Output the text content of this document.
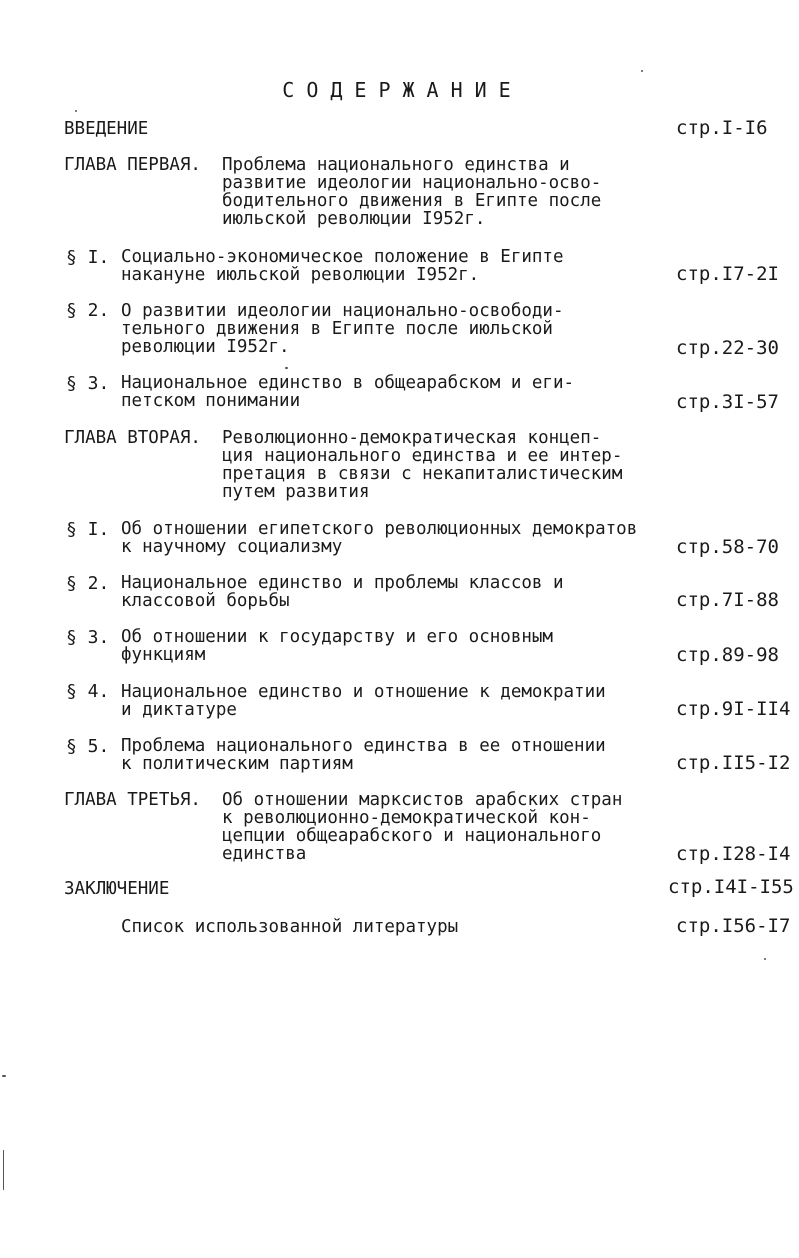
СОДЕРЖАНИЕ
ВВЕДЕНИЕ	стр.I-I6
ГЛАВА ПЕРВАЯ. Проблема национального единства и
развитие идеологии национально-осво-
бодительного движения в Египте после
июльской революции I952г.
§ I. Социально-экономическое положение в Египте
накануне июльской революции I952г.	стр.I7-2I
§ 2. О развитии идеологии национально-освободи-
тельного движения в Египте после июльской
революции I952г.	стр.22-30
§ 3. Национальное единство в общеарабском и еги-
петском понимании	стр.3I-57
ГЛАВА ВТОРАЯ. Революционно-демократическая концеп-
ция национального единства и ее интер-
претация в связи с некапиталистическим
путем развития
§ I. Об отношении египетского революционных демократов
к научному социализму	стр.58-70
§ 2. Национальное единство и проблемы классов и
классовой борьбы	стр.7I-88
§ 3. Об отношении к государству и его основным
функциям	стр.89-98
§ 4. Национальное единство и отношение к демократии
и диктатуре	стр.9I-II4
§ 5. Проблема национального единства в ее отношении
к политическим партиям	стр.II5-I2
ГЛАВА ТРЕТЬЯ. Об отношении марксистов арабских стран
к революционно-демократической кон-
цепции общеарабского и национального
единства	стр.I28-I4
ЗАКЛЮЧЕНИЕ	стр.I4I-I55
Список использованной литературы	стр.I56-I7
